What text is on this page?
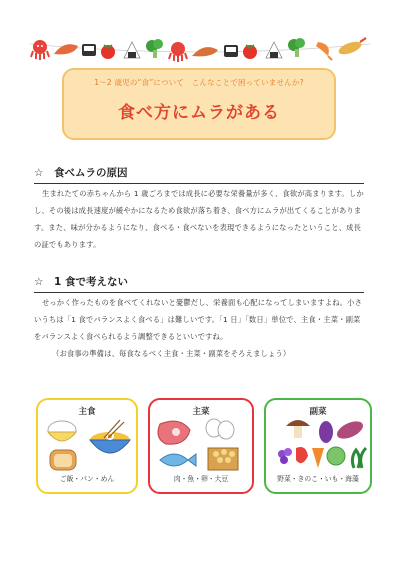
1〜2 歳児の“食”について　こんなことで困っていませんか?
食べ方にムラがある
☆ 食べムラの原因

生まれたての赤ちゃんから 1 歳ごろまでは成長に必要な栄養量が多く、食欲が高まります。しかし、その後は成長速度が緩やかになるため食欲が落ち着き、食べ方にムラが出てくることがあります。また、味が分かるようになり、食べる・食べないを表現できるようになったということ、成長の証でもあります。

☆ 1 食で考えない

せっかく作ったものを食べてくれないと憂鬱だし、栄養面も心配になってしまいますよね。小さいうちは「1 食でバランスよく食べる」は難しいです。「1 日」「数日」単位で、主食・主菜・副菜をバランスよく食べられるよう調整できるといいですね。

（お食事の準備は、毎食なるべく主食・主菜・副菜をそろえましょう）

主食
ご飯・パン・めん
主菜
肉・魚・卵・大豆
副菜
野菜・きのこ・いも・海藻
